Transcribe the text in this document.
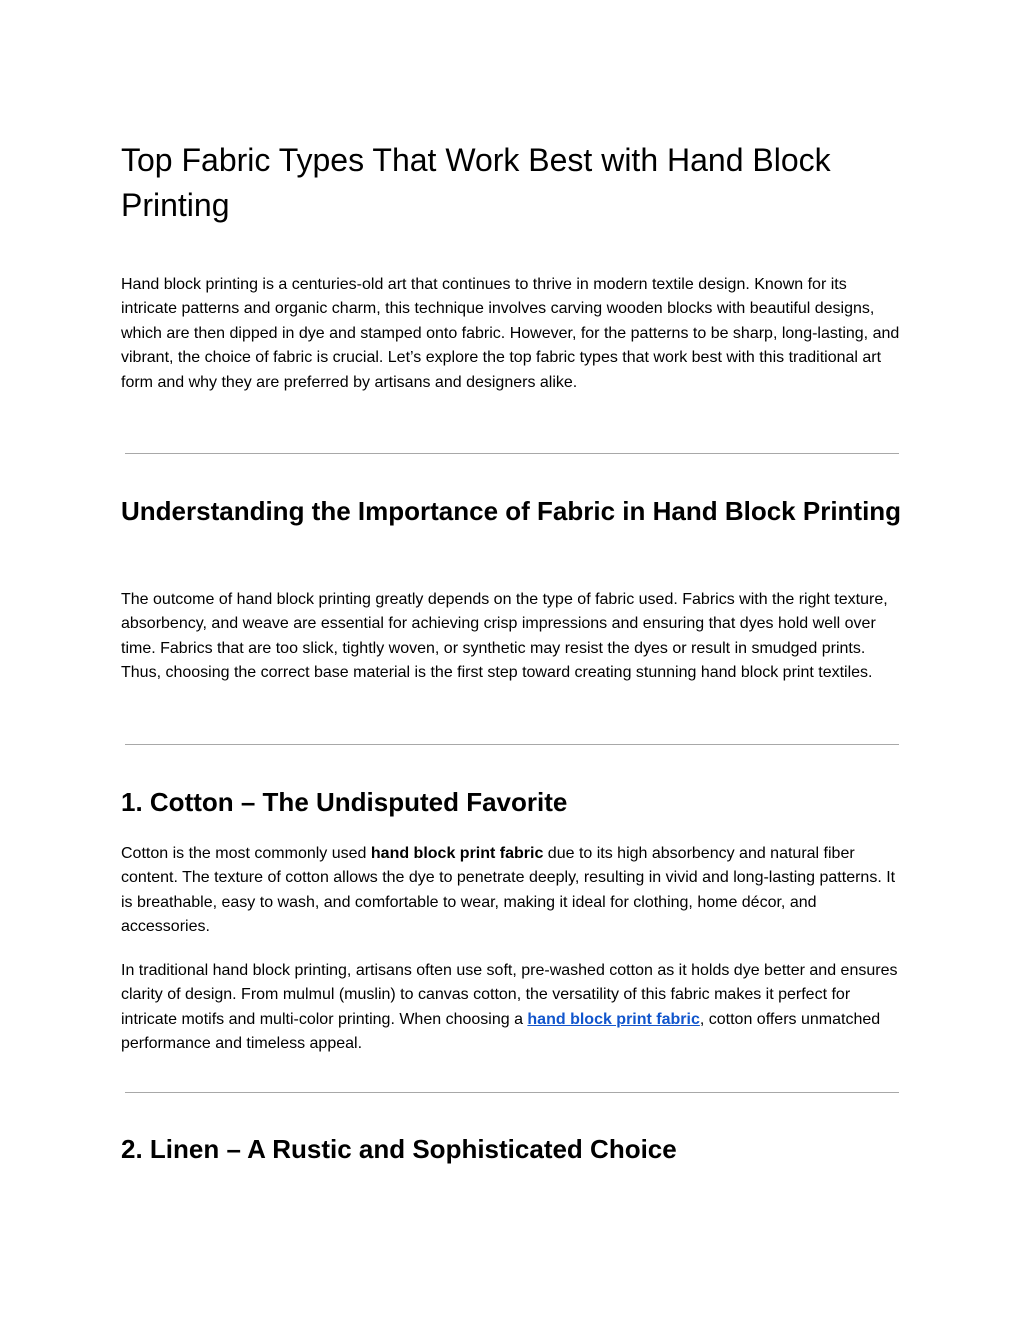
Top Fabric Types That Work Best with Hand Block Printing

Hand block printing is a centuries-old art that continues to thrive in modern textile design. Known for its intricate patterns and organic charm, this technique involves carving wooden blocks with beautiful designs, which are then dipped in dye and stamped onto fabric. However, for the patterns to be sharp, long-lasting, and vibrant, the choice of fabric is crucial. Let’s explore the top fabric types that work best with this traditional art form and why they are preferred by artisans and designers alike.

Understanding the Importance of Fabric in Hand Block Printing

The outcome of hand block printing greatly depends on the type of fabric used. Fabrics with the right texture, absorbency, and weave are essential for achieving crisp impressions and ensuring that dyes hold well over time. Fabrics that are too slick, tightly woven, or synthetic may resist the dyes or result in smudged prints. Thus, choosing the correct base material is the first step toward creating stunning hand block print textiles.

1. Cotton – The Undisputed Favorite

Cotton is the most commonly used hand block print fabric due to its high absorbency and natural fiber content. The texture of cotton allows the dye to penetrate deeply, resulting in vivid and long-lasting patterns. It is breathable, easy to wash, and comfortable to wear, making it ideal for clothing, home décor, and accessories.

In traditional hand block printing, artisans often use soft, pre-washed cotton as it holds dye better and ensures clarity of design. From mulmul (muslin) to canvas cotton, the versatility of this fabric makes it perfect for intricate motifs and multi-color printing. When choosing a hand block print fabric, cotton offers unmatched performance and timeless appeal.

2. Linen – A Rustic and Sophisticated Choice
